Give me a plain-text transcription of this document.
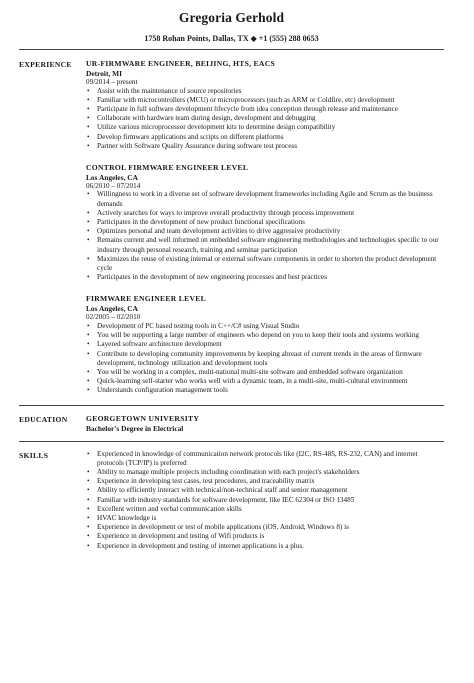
Gregoria Gerhold
1758 Rohan Points, Dallas, TX ◆ +1 (555) 288 0653
EXPERIENCE	UR-FIRMWARE ENGINEER, BEIJING, HTS, EACS
Detroit, MI
09/2014 – present
• Assist with the maintenance of source repositories
• Familiar with microcontrollers (MCU) or microprocessors (such as ARM or Coldfire, etc) development
• Participate in full software development lifecycle from idea conception through release and maintenance
• Collaborate with hardware team during design, development and debugging
• Utilize various microprocessor development kits to determine design compatibility
• Develop firmware applications and scripts on different platforms
• Partner with Software Quality Assurance during software test process
CONTROL FIRMWARE ENGINEER LEVEL
Los Angeles, CA
06/2010 – 07/2014
• Willingness to work in a diverse set of software development frameworks including Agile and Scrum as the business demands
• Actively searches for ways to improve overall productivity through process improvement
• Participates in the development of new product functional specifications
• Optimizes personal and team development activities to drive aggressive productivity
• Remains current and well informed on embedded software engineering methodologies and technologies specific to our industry through personal research, training and seminar participation
• Maximizes the reuse of existing internal or external software components in order to shorten the product development cycle
• Participates in the development of new engineering processes and best practices
FIRMWARE ENGINEER LEVEL
Los Angeles, CA
02/2005 – 02/2010
• Development of PC based testing tools in C++/C# using Visual Studio
• You will be supporting a large number of engineers who depend on you to keep their tools and systems working
• Layered software architecture development
• Contribute to developing community improvements by keeping abreast of current trends in the areas of firmware development, technology utilization and development tools
• You will be working in a complex, multi-national multi-site software and embedded software organization
• Quick-learning self-starter who works well with a dynamic team, in a multi-site, multi-cultural environment
• Understands configuration management tools
EDUCATION	GEORGETOWN UNIVERSITY
Bachelor's Degree in Electrical
SKILLS
•	Experienced in knowledge of communication network protocols like (I2C, RS-485, RS-232, CAN) and internet protocols (TCP/IP) is preferred
• Ability to manage multiple projects including coordination with each project's stakeholders
• Experience in developing test cases, test procedures, and traceability matrix
• Ability to efficiently interact with technical/non-technical staff and senior management
• Familiar with industry standards for software development, like IEC 62304 or ISO 13485
• Excellent written and verbal communication skills
• HVAC knowledge is
• Experience in development or test of mobile applications (iOS, Android, Windows 8) is
• Experience in development and testing of Wifi products is
• Experience in development and testing of internet applications is a plus.
